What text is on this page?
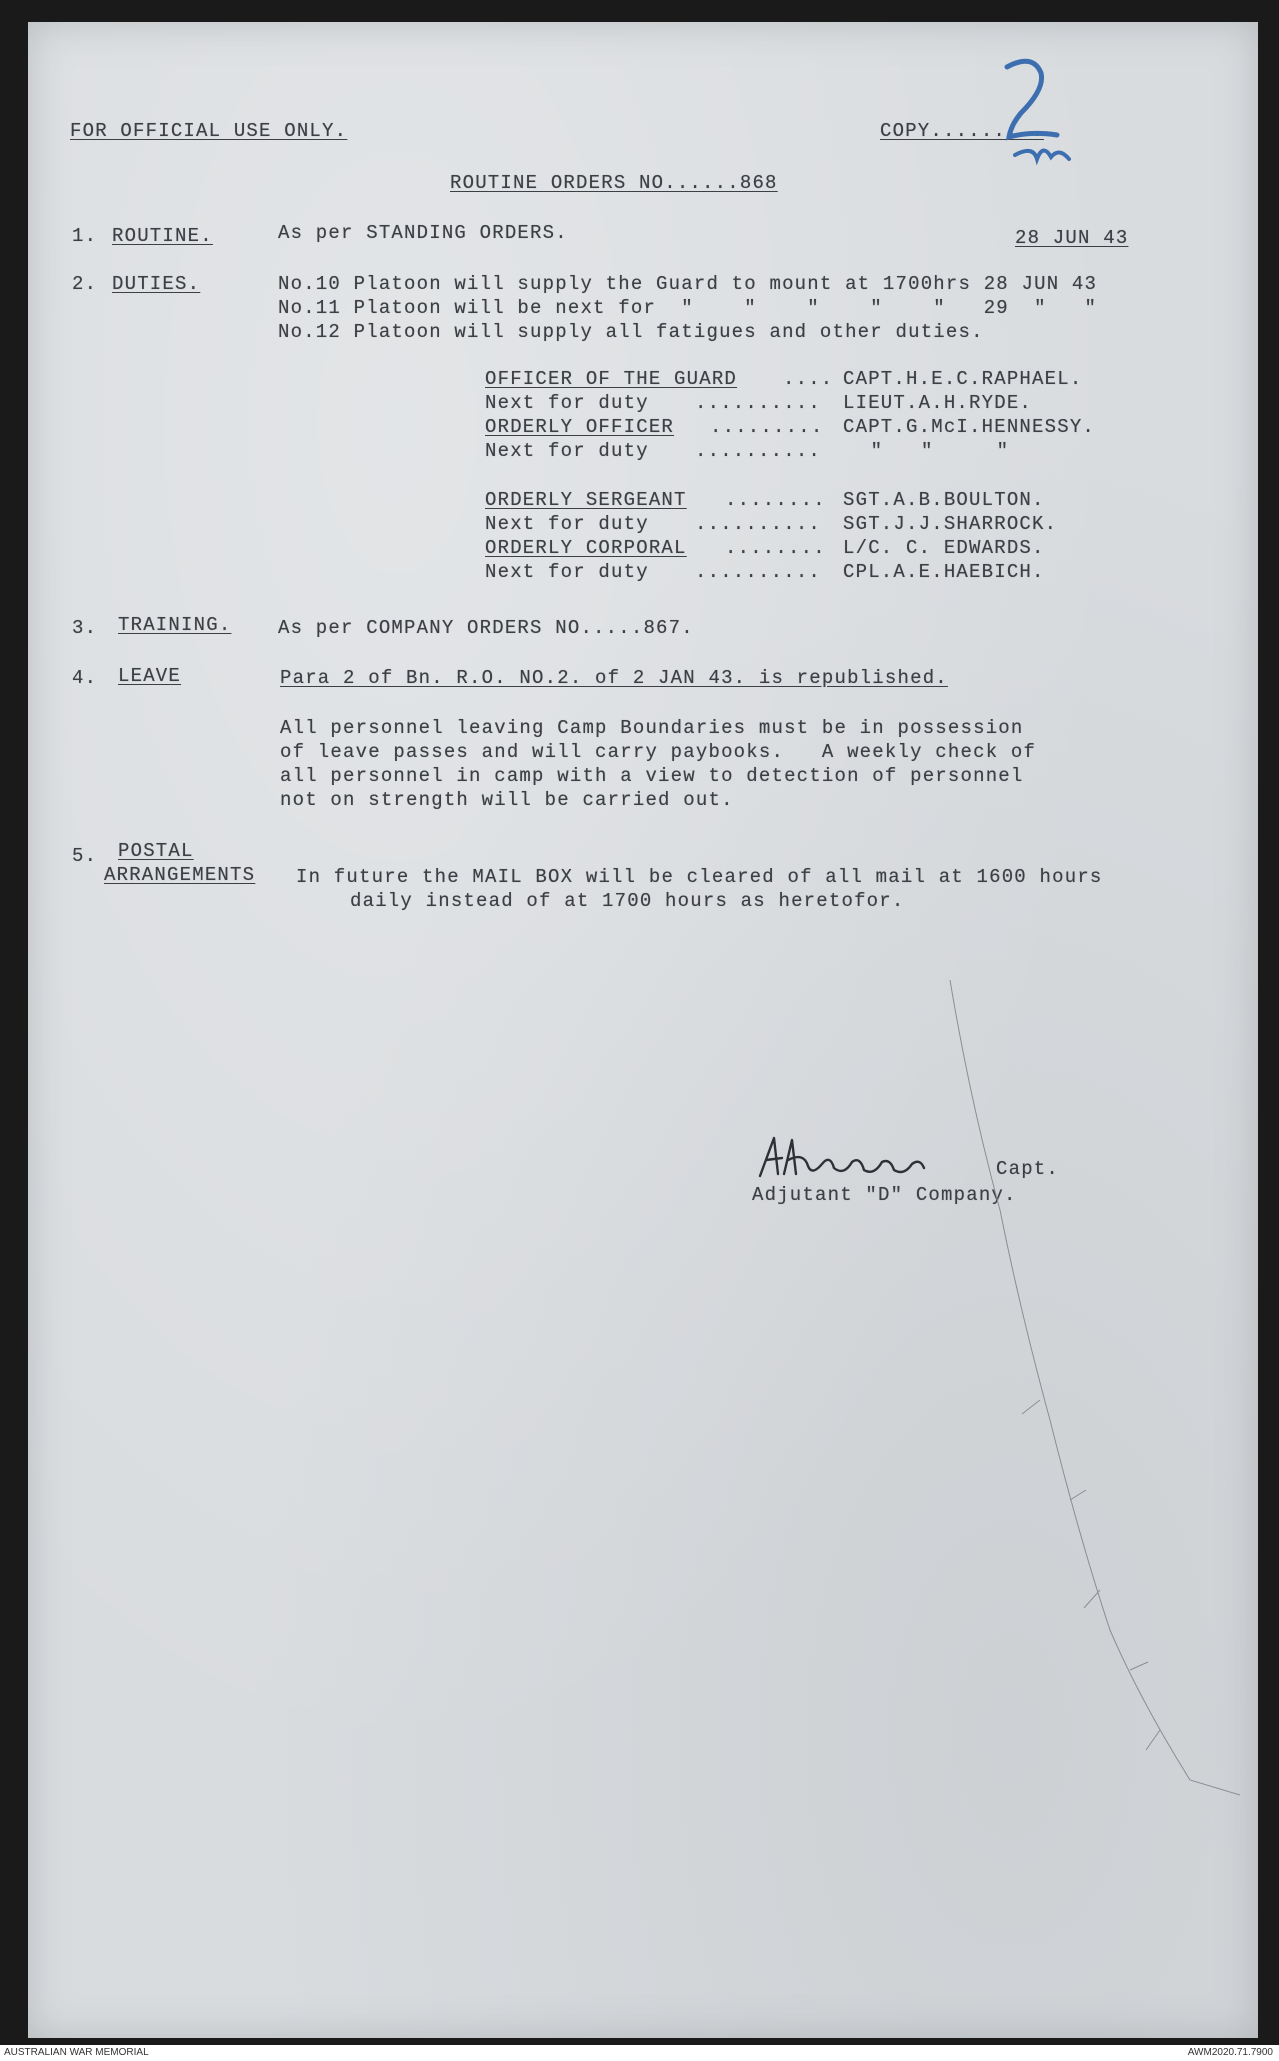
FOR OFFICIAL USE ONLY.	COPY.........
ROUTINE ORDERS NO......868
1. ROUTINE.	As per STANDING ORDERS.	28 JUN 43
2. DUTIES.	No.10 Platoon will supply the Guard to mount at 1700hrs 28 JUN 43
No.11 Platoon will be next for  "    "    "    "    "   29  "   "
No.12 Platoon will supply all fatigues and other duties.
OFFICER OF THE GUARD .... CAPT.H.E.C.RAPHAEL.
Next for duty .......... LIEUT.A.H.RYDE.
ORDERLY OFFICER ......... CAPT.G.McI.HENNESSY.
Next for duty .......... "   "     "
ORDERLY SERGEANT ........ SGT.A.B.BOULTON.
Next for duty .......... SGT.J.J.SHARROCK.
ORDERLY CORPORAL ........ L/C. C. EDWARDS.
Next for duty .......... CPL.A.E.HAEBICH.
3. TRAINING. As per COMPANY ORDERS NO.....867.
4. LEAVE	Para 2 of Bn. R.O. NO.2. of 2 JAN 43. is republished.
All personnel leaving Camp Boundaries must be in possession
of leave passes and will carry paybooks.   A weekly check of
all personnel in camp with a view to detection of personnel
not on strength will be carried out.
5. POSTAL
ARRANGEMENTS In future the MAIL BOX will be cleared of all mail at 1600 hours
daily instead of at 1700 hours as heretofor.
Capt.
Adjutant "D" Company.
AUSTRALIAN WAR MEMORIAL	AWM2020.71.7900
